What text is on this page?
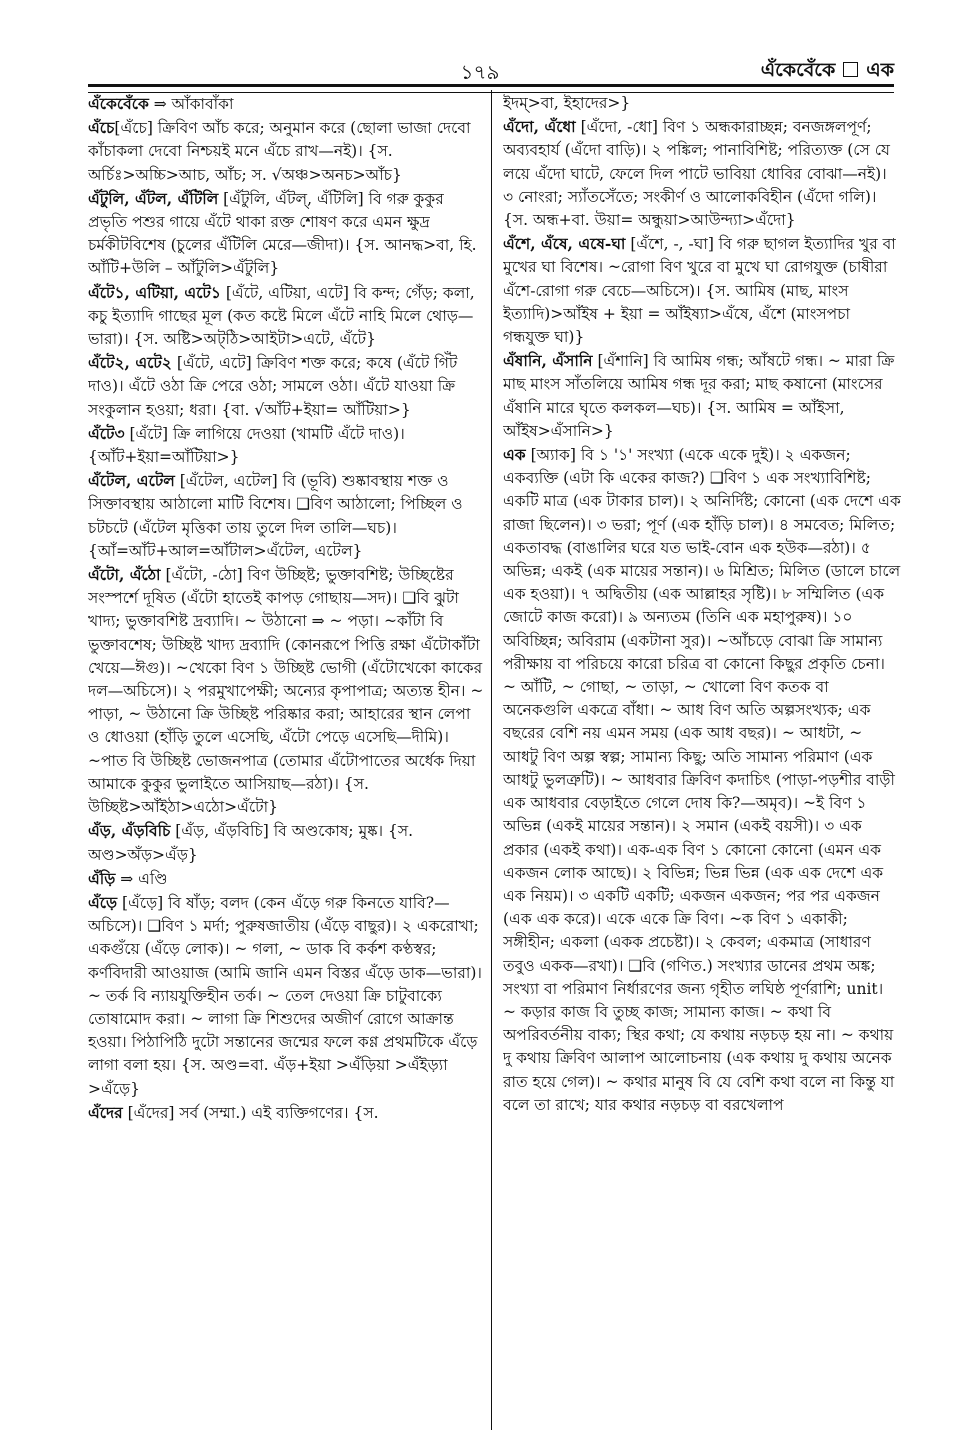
১৭৯	এঁকেবেঁকে এক

এঁকেবেঁকে ⇒ আঁকাবাঁকা

এঁচে[এঁচে] ক্রিবিণ আঁচ করে; অনুমান করে (ছোলা ভাজা দেবো কাঁচাকলা দেবো নিশ্চয়ই মনে এঁচে রাখ—নই)। {স. অর্চিঃ>অচ্চি>আচ, আঁচ; স. √অঞ্চ>অনচ>আঁচ}

এঁটুলি, এঁটল, এঁটিলি [এঁটুলি, এঁটল্, এঁটিলি] বি গরু কুকুর প্রভৃতি পশুর গায়ে এঁটে থাকা রক্ত শোষণ করে এমন ক্ষুদ্র চর্মকীটবিশেষ (চুলের এঁটিলি মেরে—জীদা)। {স. আনদ্ধ>বা, হি. আঁটি+উলি – আঁটুলি>এঁটুলি}

এঁটে১, এটিয়া, এটে১ [এঁটে, এটিয়া, এটে] বি কন্দ; গেঁড়; কলা, কচু ইত্যাদি গাছের মূল (কত কষ্টে মিলে এঁটে নাহি মিলে থোড়—ভারা)। {স. অষ্টি>অট্‌ঠি>আইটা>এটে, এঁটে}

এঁটে২, এটে২ [এঁটে, এটে] ক্রিবিণ শক্ত করে; কষে (এঁটে গিঁট দাও)। এঁটে ওঠা ক্রি পেরে ওঠা; সামলে ওঠা। এঁটে যাওয়া ক্রি সংকুলান হওয়া; ধরা। {বা. √আঁট+ইয়া= আঁটিয়া>}

এঁটে৩ [এঁটে] ক্রি লাগিয়ে দেওয়া (খামটি এঁটে দাও)। {আঁট+ইয়া=আঁটিয়া>}

এঁটেল, এটেল [এঁটেল, এটেল] বি (ভূবি) শুষ্কাবস্থায় শক্ত ও সিক্তাবস্থায় আঠালো মাটি বিশেষ। ❑বিণ আঠালো; পিচ্ছিল ও চটচটে (এঁটেল মৃত্তিকা তায় তুলে দিল তালি—ঘচ)। {আঁ=আঁট+আল=আঁটাল>এঁটেল, এটেল}

এঁটো, এঁঠো [এঁটো, -ঠো] বিণ উচ্ছিষ্ট; ভুক্তাবশিষ্ট; উচ্ছিষ্টের সংস্পর্শে দূষিত (এঁটো হাতেই কাপড় গোছায়—সদ)। ❑বি ঝুটা খাদ্য; ভুক্তাবশিষ্ট দ্রব্যাদি। ~ উঠানো ⇒ ~ পড়া। ~কাঁটা বি ভুক্তাবশেষ; উচ্ছিষ্ট খাদ্য দ্রব্যাদি (কোনরূপে পিত্তি রক্ষা এঁটোকাঁটা খেয়ে—ঈগু)। ~খেকো বিণ ১ উচ্ছিষ্ট ভোগী (এঁটোখেকো কাকের দল—অচিসে)। ২ পরমুখাপেক্ষী; অন্যের কৃপাপাত্র; অত্যন্ত হীন। ~ পাড়া, ~ উঠানো ক্রি উচ্ছিষ্ট পরিষ্কার করা; আহারের স্থান লেপা ও ধোওয়া (হাঁড়ি তুলে এসেছি, এঁটো পেড়ে এসেছি—দীমি)। ~পাত বি উচ্ছিষ্ট ভোজনপাত্র (তোমার এঁটোপাতের অর্ধেক দিয়া আমাকে কুকুর ভুলাইতে আসিয়াছ—রঠা)। {স. উচ্ছিষ্ট>আঁইঠা>এঠো>এঁটো}

এঁড়, এঁড়বিচি [এঁড়, এঁড়বিচি] বি অণ্ডকোষ; মুষ্ক। {স. অণ্ড>অঁড়>এঁড়}

এঁড়ি ⇒ এণ্ডি

এঁড়ে [এঁড়ে] বি ষাঁড়; বলদ (কেন এঁড়ে গরু কিনতে যাবি?—অচিসে)। ❑বিণ ১ মর্দা; পুরুষজাতীয় (এঁড়ে বাছুর)। ২ একরোখা; একগুঁয়ে (এঁড়ে লোক)। ~ গলা, ~ ডাক বি কর্কশ কণ্ঠস্বর; কর্ণবিদারী আওয়াজ (আমি জানি এমন বিস্তর এঁড়ে ডাক—ভারা)। ~ তর্ক বি ন্যায়যুক্তিহীন তর্ক। ~ তেল দেওয়া ক্রি চাটুবাক্যে তোষামোদ করা। ~ লাগা ক্রি শিশুদের অজীর্ণ রোগে আক্রান্ত হওয়া। পিঠাপিঠি দুটো সন্তানের জন্মের ফলে কণ্ণ প্রথমটিকে এঁড়ে লাগা বলা হয়। {স. অণ্ড=বা. এঁড়+ইয়া >এঁড়িয়া >এঁইড়্যা >এঁড়ে}

এঁদের [এঁদের] সর্ব (সম্মা.) এই ব্যক্তিগণের। {স.

ইদম্>বা, ইহাদের>}

এঁদো, এঁধো [এঁদো, -ধো] বিণ ১ অন্ধকারাচ্ছন্ন; বনজঙ্গলপূর্ণ; অব্যবহার্য (এঁদো বাড়ি)। ২ পঙ্কিল; পানাবিশিষ্ট; পরিত্যক্ত (সে যে লয়ে এঁদো ঘাটে, ফেলে দিল পাটে ভাবিয়া ধোবির বোঝা—নই)। ৩ নোংরা; স্যাঁতসেঁতে; সংকীর্ণ ও আলোকবিহীন (এঁদো গলি)। {স. অন্ধ+বা. উয়া= অন্ধুয়া>আউন্দ্যা>এঁদো}

এঁশে, এঁষে, এষে-ঘা [এঁশে, -, -ঘা] বি গরু ছাগল ইত্যাদির খুর বা মুখের ঘা বিশেষ। ~রোগা বিণ খুরে বা মুখে ঘা রোগযুক্ত (চাষীরা এঁশে-রোগা গরু বেচে—অচিসে)। {স. আমিষ (মাছ, মাংস ইত্যাদি)>আঁইষ + ইয়া = আঁইষ্যা>এঁষে, এঁশে (মাংসপচা গন্ধযুক্ত ঘা)}

এঁষানি, এঁসানি [এঁশানি] বি আমিষ গন্ধ; আঁষটে গন্ধ। ~ মারা ক্রি মাছ মাংস সাঁতলিয়ে আমিষ গন্ধ দূর করা; মাছ কষানো (মাংসের এঁষানি মারে ঘৃতে কলকল—ঘচ)। {স. আমিষ = আঁইসা, আঁইষ>এঁসানি>}

এক [অ্যাক] বি ১ '১' সংখ্যা (একে একে দুই)। ২ একজন; একব্যক্তি (এটা কি একের কাজ?) ❑বিণ ১ এক সংখ্যাবিশিষ্ট; একটি মাত্র (এক টাকার চাল)। ২ অনির্দিষ্ট; কোনো (এক দেশে এক রাজা ছিলেন)। ৩ ভরা; পূর্ণ (এক হাঁড়ি চাল)। ৪ সমবেত; মিলিত; একতাবদ্ধ (বাঙালির ঘরে যত ভাই-বোন এক হউক—রঠা)। ৫ অভিন্ন; একই (এক মায়ের সন্তান)। ৬ মিশ্রিত; মিলিত (ডালে চালে এক হওয়া)। ৭ অদ্বিতীয় (এক আল্লাহর সৃষ্টি)। ৮ সম্মিলিত (এক জোটে কাজ করো)। ৯ অন্যতম (তিনি এক মহাপুরুষ)। ১০ অবিচ্ছিন্ন; অবিরাম (একটানা সুর)। ~আঁচড়ে বোঝা ক্রি সামান্য পরীক্ষায় বা পরিচয়ে কারো চরিত্র বা কোনো কিছুর প্রকৃতি চেনা। ~ আঁটি, ~ গোছা, ~ তাড়া, ~ খোলো বিণ কতক বা অনেকগুলি একত্রে বাঁধা। ~ আধ বিণ অতি অল্পসংখ্যক; এক বছরের বেশি নয় এমন সময় (এক আধ বছর)। ~ আধটা, ~ আধটু বিণ অল্প স্বল্প; সামান্য কিছু; অতি সামান্য পরিমাণ (এক আধটু ভুলত্রুটি)। ~ আধবার ক্রিবিণ কদাচিৎ (পাড়া-পড়শীর বাড়ী এক আধবার বেড়াইতে গেলে দোষ কি?—অমৃব)। ~ই বিণ ১ অভিন্ন (একই মায়ের সন্তান)। ২ সমান (একই বয়সী)। ৩ এক প্রকার (একই কথা)। এক-এক বিণ ১ কোনো কোনো (এমন এক একজন লোক আছে)। ২ বিভিন্ন; ভিন্ন ভিন্ন (এক এক দেশে এক এক নিয়ম)। ৩ একটি একটি; একজন একজন; পর পর একজন (এক এক করে)। একে একে ক্রি বিণ। ~ক বিণ ১ একাকী; সঙ্গীহীন; একলা (একক প্রচেষ্টা)। ২ কেবল; একমাত্র (সাধারণ তবুও একক—রখা)। ❑বি (গণিত.) সংখ্যার ডানের প্রথম অঙ্ক; সংখ্যা বা পরিমাণ নির্ধারণের জন্য গৃহীত লঘিষ্ঠ পূর্ণরাশি; unit। ~ কড়ার কাজ বি তুচ্ছ কাজ; সামান্য কাজ। ~ কথা বি অপরিবর্তনীয় বাক্য; স্থির কথা; যে কথায় নড়চড় হয় না। ~ কথায় দু কথায় ক্রিবিণ আলাপ আলোচনায় (এক কথায় দু কথায় অনেক রাত হয়ে গেল)। ~ কথার মানুষ বি যে বেশি কথা বলে না কিন্তু যা বলে তা রাখে; যার কথার নড়চড় বা বরখেলাপ
